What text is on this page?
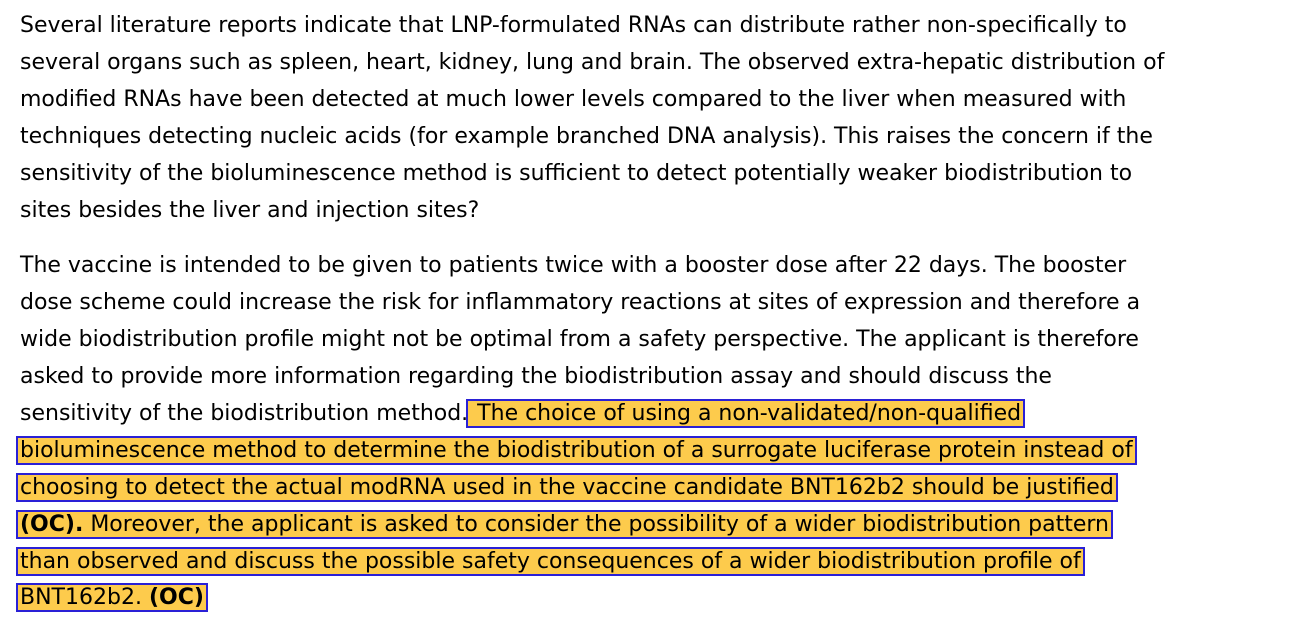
Several literature reports indicate that LNP-formulated RNAs can distribute rather non-specifically to
several organs such as spleen, heart, kidney, lung and brain. The observed extra-hepatic distribution of
modified RNAs have been detected at much lower levels compared to the liver when measured with
techniques detecting nucleic acids (for example branched DNA analysis). This raises the concern if the
sensitivity of the bioluminescence method is sufficient to detect potentially weaker biodistribution to
sites besides the liver and injection sites?
The vaccine is intended to be given to patients twice with a booster dose after 22 days. The booster
dose scheme could increase the risk for inflammatory reactions at sites of expression and therefore a
wide biodistribution profile might not be optimal from a safety perspective. The applicant is therefore
asked to provide more information regarding the biodistribution assay and should discuss the
sensitivity of the biodistribution method. The choice of using a non-validated/non-qualified
bioluminescence method to determine the biodistribution of a surrogate luciferase protein instead of
choosing to detect the actual modRNA used in the vaccine candidate BNT162b2 should be justified
(OC). Moreover, the applicant is asked to consider the possibility of a wider biodistribution pattern
than observed and discuss the possible safety consequences of a wider biodistribution profile of
BNT162b2. (OC)
